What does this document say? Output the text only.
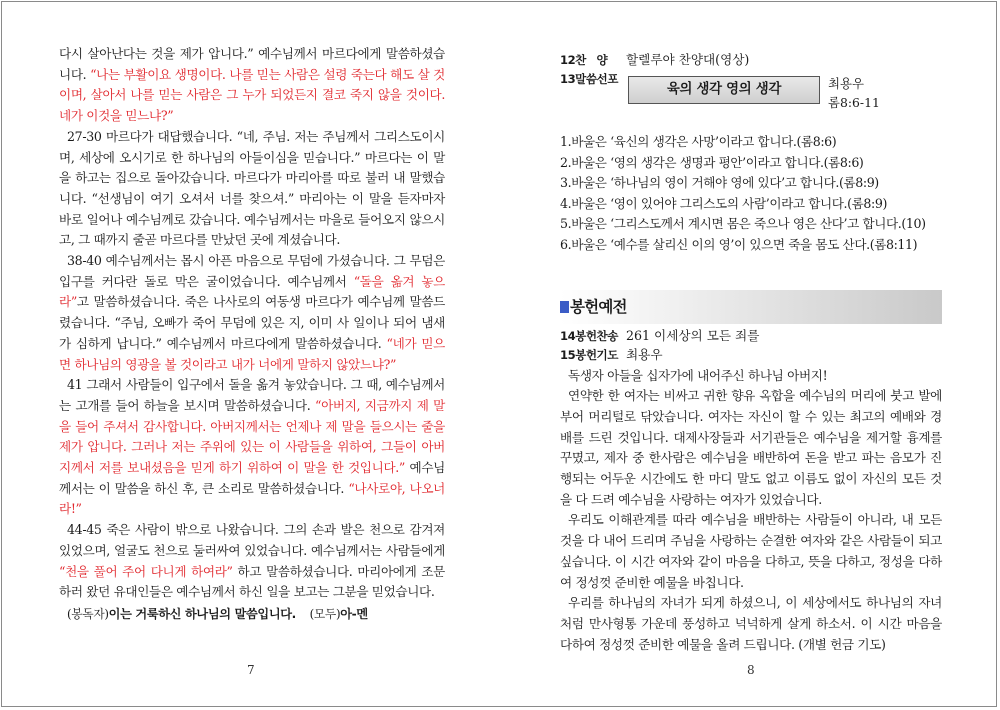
다시 살아난다는 것을 제가 압니다.” 예수님께서 마르다에게 말씀하셨습니다. “나는 부활이요 생명이다. 나를 믿는 사람은 설령 죽는다 해도 살 것이며, 살아서 나를 믿는 사람은 그 누가 되었든지 결코 죽지 않을 것이다. 네가 이것을 믿느냐?”

27-30 마르다가 대답했습니다. “네, 주님. 저는 주님께서 그리스도이시며, 세상에 오시기로 한 하나님의 아들이심을 믿습니다.” 마르다는 이 말을 하고는 집으로 돌아갔습니다. 마르다가 마리아를 따로 불러 내 말했습니다. “선생님이 여기 오셔서 너를 찾으셔.” 마리아는 이 말을 듣자마자 바로 일어나 예수님께로 갔습니다. 예수님께서는 마을로 들어오지 않으시고, 그 때까지 줄곧 마르다를 만났던 곳에 계셨습니다.

38-40 예수님께서는 몹시 아픈 마음으로 무덤에 가셨습니다. 그 무덤은 입구를 커다란 돌로 막은 굴이었습니다. 예수님께서 “돌을 옮겨 놓으라”고 말씀하셨습니다. 죽은 나사로의 여동생 마르다가 예수님께 말씀드렸습니다. “주님, 오빠가 죽어 무덤에 있은 지, 이미 사 일이나 되어 냄새가 심하게 납니다.” 예수님께서 마르다에게 말씀하셨습니다. “네가 믿으면 하나님의 영광을 볼 것이라고 내가 너에게 말하지 않았느냐?”

41 그래서 사람들이 입구에서 돌을 옮겨 놓았습니다. 그 때, 예수님께서는 고개를 들어 하늘을 보시며 말씀하셨습니다. “아버지, 지금까지 제 말을 들어 주셔서 감사합니다. 아버지께서는 언제나 제 말을 들으시는 줄을 제가 압니다. 그러나 저는 주위에 있는 이 사람들을 위하여, 그들이 아버지께서 저를 보내셨음을 믿게 하기 위하여 이 말을 한 것입니다.” 예수님께서는 이 말씀을 하신 후, 큰 소리로 말씀하셨습니다. “나사로야, 나오너라!”

44-45 죽은 사람이 밖으로 나왔습니다. 그의 손과 발은 천으로 감겨져 있었으며, 얼굴도 천으로 둘러싸여 있었습니다. 예수님께서는 사람들에게 “천을 풀어 주어 다니게 하여라” 하고 말씀하셨습니다. 마리아에게 조문하러 왔던 유대인들은 예수님께서 하신 일을 보고는 그분을 믿었습니다.

(봉독자)이는 거룩하신 하나님의 말씀입니다. (모두)아-멘
7
12찬   양 할렐루야 찬양대(영상)
13말씀선포
육의 생각 영의 생각	최용우
롬8:6-11
1.바울은 ‘육신의 생각은 사망’이라고 합니다.(롬8:6)
2.바울은 ‘영의 생각은 생명과 평안’이라고 합니다.(롬8:6)
3.바울은 ‘하나님의 영이 거해야 영에 있다’고 합니다.(롬8:9)
4.바울은 ‘영이 있어야 그리스도의 사람’이라고 합니다.(롬8:9)
5.바울은 ‘그리스도께서 계시면 몸은 죽으나 영은 산다’고 합니다.(10)
6.바울은 ‘예수를 살리신 이의 영’이 있으면 죽을 몸도 산다.(롬8:11)
봉헌예전
14봉헌찬송 261 이세상의 모든 죄를
15봉헌기도 최용우

독생자 아들을 십자가에 내어주신 하나님 아버지!

연약한 한 여자는 비싸고 귀한 향유 옥합을 예수님의 머리에 붓고 발에 부어 머리털로 닦았습니다. 여자는 자신이 할 수 있는 최고의 예배와 경배를 드린 것입니다. 대제사장들과 서기관들은 예수님을 제거할 흉계를 꾸몄고, 제자 중 한사람은 예수님을 배반하여 돈을 받고 파는 음모가 진행되는 어두운 시간에도 한 마디 말도 없고 이름도 없이 자신의 모든 것을 다 드려 예수님을 사랑하는 여자가 있었습니다.

우리도 이해관계를 따라 예수님을 배반하는 사람들이 아니라, 내 모든 것을 다 내어 드리며 주님을 사랑하는 순결한 여자와 같은 사람들이 되고 싶습니다. 이 시간 여자와 같이 마음을 다하고, 뜻을 다하고, 정성을 다하여 정성껏 준비한 예물을 바칩니다.

우리를 하나님의 자녀가 되게 하셨으니, 이 세상에서도 하나님의 자녀처럼 만사형통 가운데 풍성하고 넉넉하게 살게 하소서. 이 시간 마음을 다하여 정성껏 준비한 예물을 올려 드립니다. (개별 헌금 기도)

8
